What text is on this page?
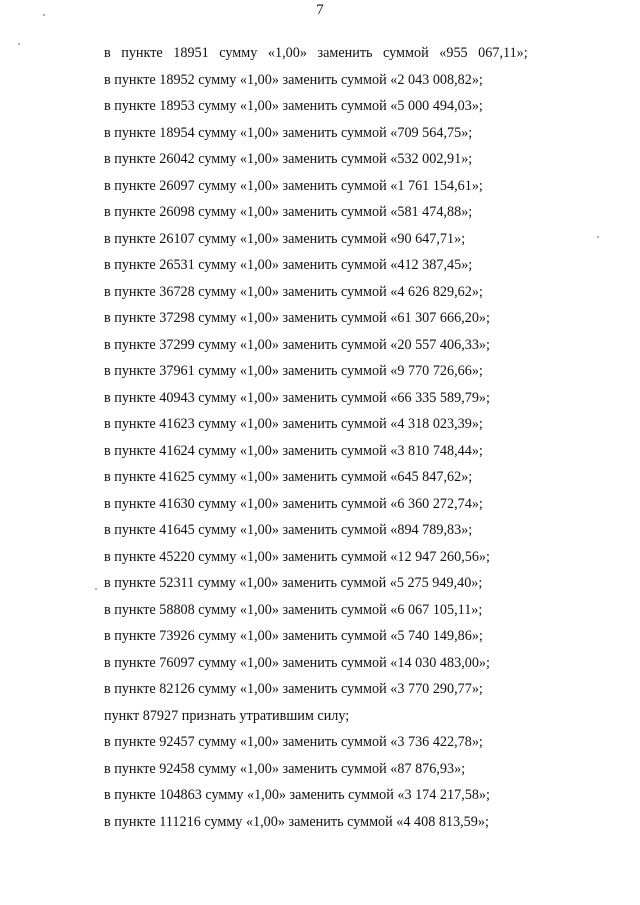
7
в пункте 18951 сумму «1,00» заменить суммой «955 067,11»;
в пункте 18952 сумму «1,00» заменить суммой «2 043 008,82»;
в пункте 18953 сумму «1,00» заменить суммой «5 000 494,03»;
в пункте 18954 сумму «1,00» заменить суммой «709 564,75»;
в пункте 26042 сумму «1,00» заменить суммой «532 002,91»;
в пункте 26097 сумму «1,00» заменить суммой «1 761 154,61»;
в пункте 26098 сумму «1,00» заменить суммой «581 474,88»;
в пункте 26107 сумму «1,00» заменить суммой «90 647,71»;
в пункте 26531 сумму «1,00» заменить суммой «412 387,45»;
в пункте 36728 сумму «1,00» заменить суммой «4 626 829,62»;
в пункте 37298 сумму «1,00» заменить суммой «61 307 666,20»;
в пункте 37299 сумму «1,00» заменить суммой «20 557 406,33»;
в пункте 37961 сумму «1,00» заменить суммой «9 770 726,66»;
в пункте 40943 сумму «1,00» заменить суммой «66 335 589,79»;
в пункте 41623 сумму «1,00» заменить суммой «4 318 023,39»;
в пункте 41624 сумму «1,00» заменить суммой «3 810 748,44»;
в пункте 41625 сумму «1,00» заменить суммой «645 847,62»;
в пункте 41630 сумму «1,00» заменить суммой «6 360 272,74»;
в пункте 41645 сумму «1,00» заменить суммой «894 789,83»;
в пункте 45220 сумму «1,00» заменить суммой «12 947 260,56»;
в пункте 52311 сумму «1,00» заменить суммой «5 275 949,40»;
в пункте 58808 сумму «1,00» заменить суммой «6 067 105,11»;
в пункте 73926 сумму «1,00» заменить суммой «5 740 149,86»;
в пункте 76097 сумму «1,00» заменить суммой «14 030 483,00»;
в пункте 82126 сумму «1,00» заменить суммой «3 770 290,77»;
пункт 87927 признать утратившим силу;
в пункте 92457 сумму «1,00» заменить суммой «3 736 422,78»;
в пункте 92458 сумму «1,00» заменить суммой «87 876,93»;
в пункте 104863 сумму «1,00» заменить суммой «3 174 217,58»;
в пункте 111216 сумму «1,00» заменить суммой «4 408 813,59»;
